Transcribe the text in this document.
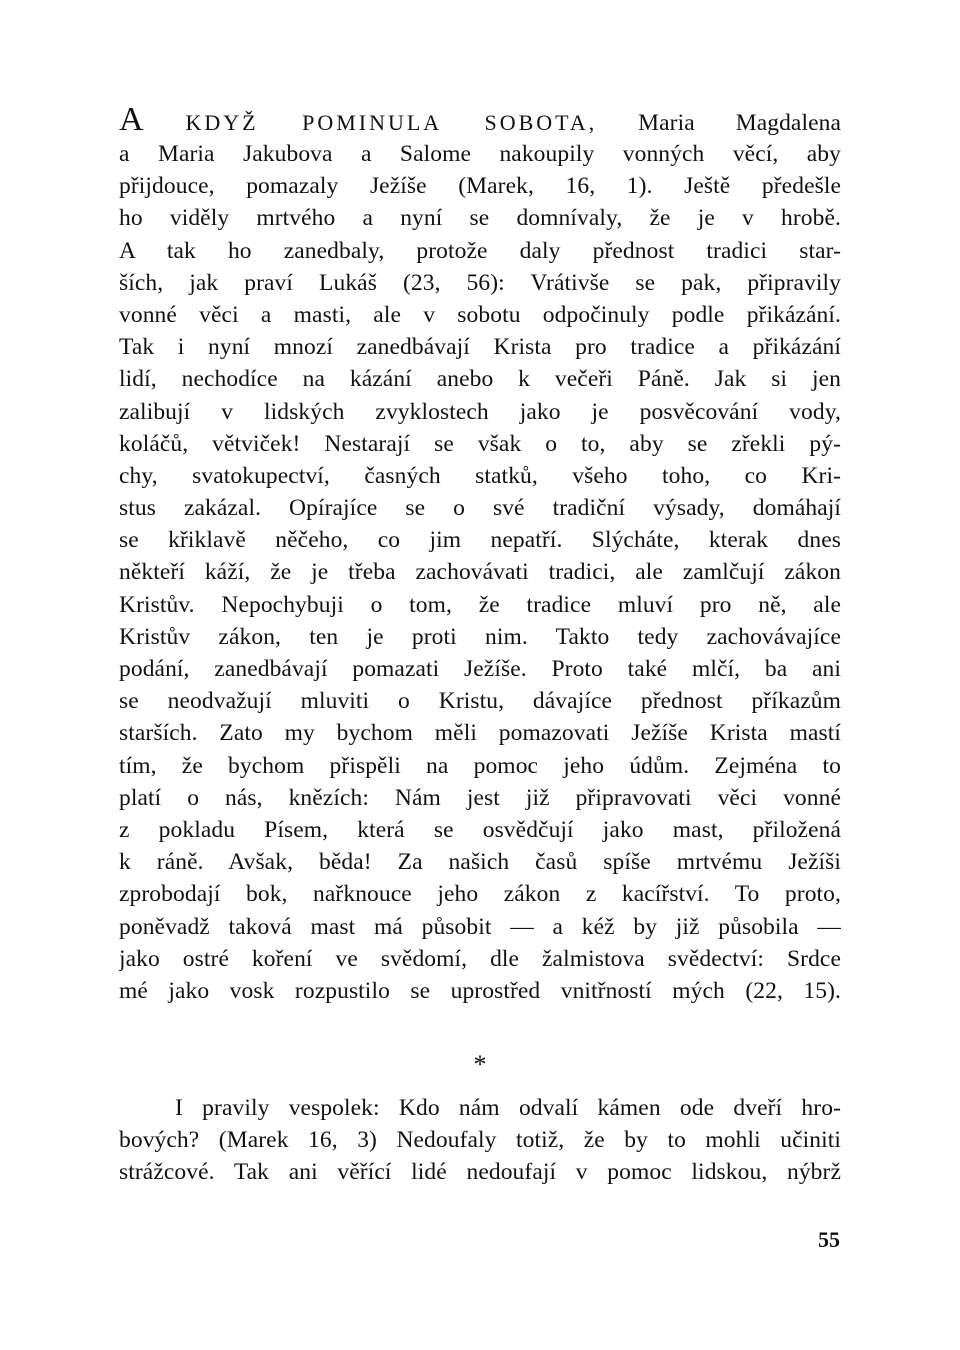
A KDYŽ POMINULA SOBOTA, Maria Magdalena
a Maria Jakubova a Salome nakoupily vonných věcí, aby
přijdouce, pomazaly Ježíše (Marek, 16, 1). Ještě předešle
ho viděly mrtvého a nyní se domnívaly, že je v hrobě.
A tak ho zanedbaly, protože daly přednost tradici star-
ších, jak praví Lukáš (23, 56): Vrátivše se pak, připravily
vonné věci a masti, ale v sobotu odpočinuly podle přikázání.
Tak i nyní mnozí zanedbávají Krista pro tradice a přikázání
lidí, nechodíce na kázání anebo k večeři Páně. Jak si jen
zalibují v lidských zvyklostech jako je posvěcování vody,
koláčů, větviček! Nestarají se však o to, aby se zřekli pý-
chy, svatokupectví, časných statků, všeho toho, co Kri-
stus zakázal. Opírajíce se o své tradiční výsady, domáhají
se křiklavě něčeho, co jim nepatří. Slýcháte, kterak dnes
někteří káží, že je třeba zachovávati tradici, ale zamlčují zákon
Kristův. Nepochybuji o tom, že tradice mluví pro ně, ale
Kristův zákon, ten je proti nim. Takto tedy zachovávajíce
podání, zanedbávají pomazati Ježíše. Proto také mlčí, ba ani
se neodvažují mluviti o Kristu, dávajíce přednost příkazům
starších. Zato my bychom měli pomazovati Ježíše Krista mastí
tím, že bychom přispěli na pomoc jeho údům. Zejména to
platí o nás, knězích: Nám jest již připravovati věci vonné
z pokladu Písem, která se osvědčují jako mast, přiložená
k ráně. Avšak, běda! Za našich časů spíše mrtvému Ježíši
zprobodají bok, nařknouce jeho zákon z kacířství. To proto,
poněvadž taková mast má působit — a kéž by již působila —
jako ostré koření ve svědomí, dle žalmistova svědectví: Srdce
mé jako vosk rozpustilo se uprostřed vnitřností mých (22, 15).
*
I pravily vespolek: Kdo nám odvalí kámen ode dveří hro-
bových? (Marek 16, 3) Nedoufaly totiž, že by to mohli učiniti
strážcové. Tak ani věřící lidé nedoufají v pomoc lidskou, nýbrž
55
